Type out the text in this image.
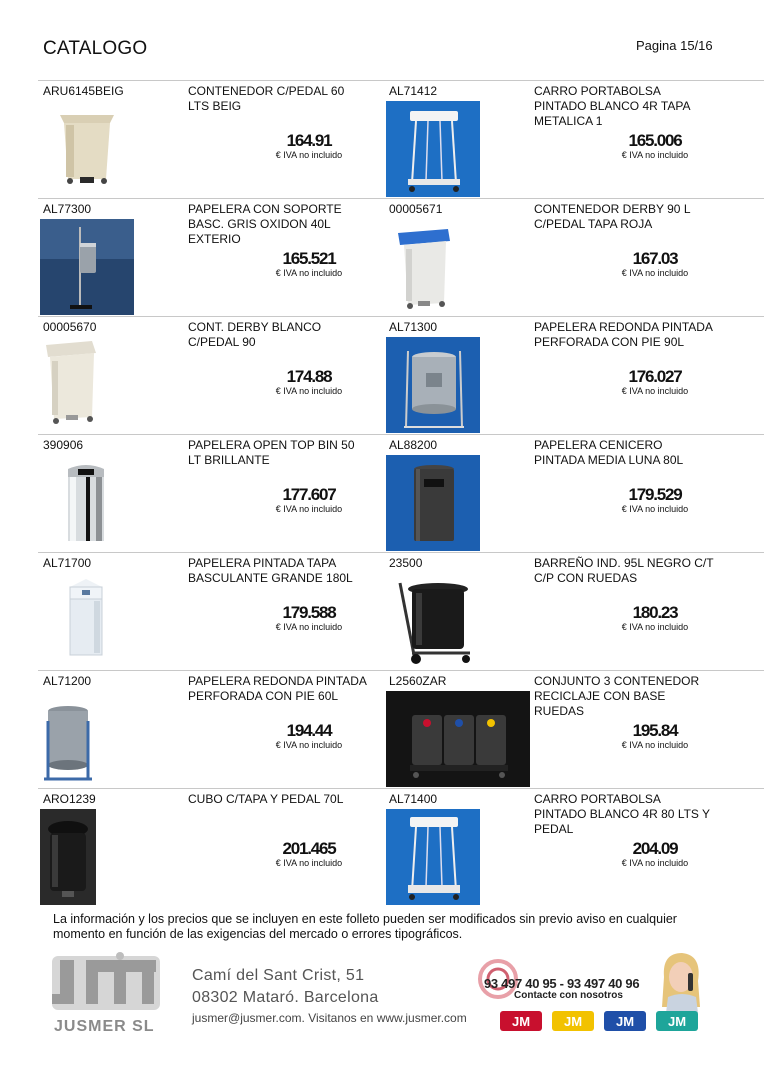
CATALOGO	Pagina 15/16
ARU6145BEIG	CONTENEDOR C/PEDAL 60 LTS BEIG
164.91
€ IVA no incluido
AL71412	CARRO PORTABOLSA PINTADO BLANCO 4R TAPA METALICA 1
165.006
€ IVA no incluido
AL77300	PAPELERA CON SOPORTE BASC. GRIS OXIDON 40L EXTERIO
165.521
€ IVA no incluido
00005671	CONTENEDOR DERBY 90 L C/PEDAL TAPA ROJA
167.03
€ IVA no incluido
00005670	CONT. DERBY BLANCO C/PEDAL 90
174.88
€ IVA no incluido
AL71300	PAPELERA REDONDA PINTADA PERFORADA CON PIE 90L
176.027
€ IVA no incluido
390906	PAPELERA OPEN TOP BIN 50 LT BRILLANTE
177.607
€ IVA no incluido
AL88200	PAPELERA CENICERO PINTADA MEDIA LUNA 80L
179.529
€ IVA no incluido
AL71700	PAPELERA PINTADA TAPA BASCULANTE GRANDE 180L
179.588
€ IVA no incluido
23500	BARREÑO IND. 95L NEGRO C/T C/P CON RUEDAS
180.23
€ IVA no incluido
AL71200	PAPELERA REDONDA PINTADA PERFORADA CON PIE 60L
194.44
€ IVA no incluido
L2560ZAR	CONJUNTO 3 CONTENEDOR RECICLAJE CON BASE RUEDAS
195.84
€ IVA no incluido
ARO1239	CUBO C/TAPA Y PEDAL 70L
201.465
€ IVA no incluido
AL71400	CARRO PORTABOLSA PINTADO BLANCO 4R 80 LTS Y PEDAL
204.09
€ IVA no incluido
La información y los precios que se incluyen en este folleto pueden ser modificados sin previo aviso en cualquier momento en función de las exigencias del mercado o errores tipográficos.
JUSMER SL
Camí del Sant Crist, 51
08302 Mataró. Barcelona
jusmer@jusmer.com. Visitanos en www.jusmer.com
93 497 40 95 - 93 497 40 96
Contacte con nosotros
JM	JM	JM	JM
